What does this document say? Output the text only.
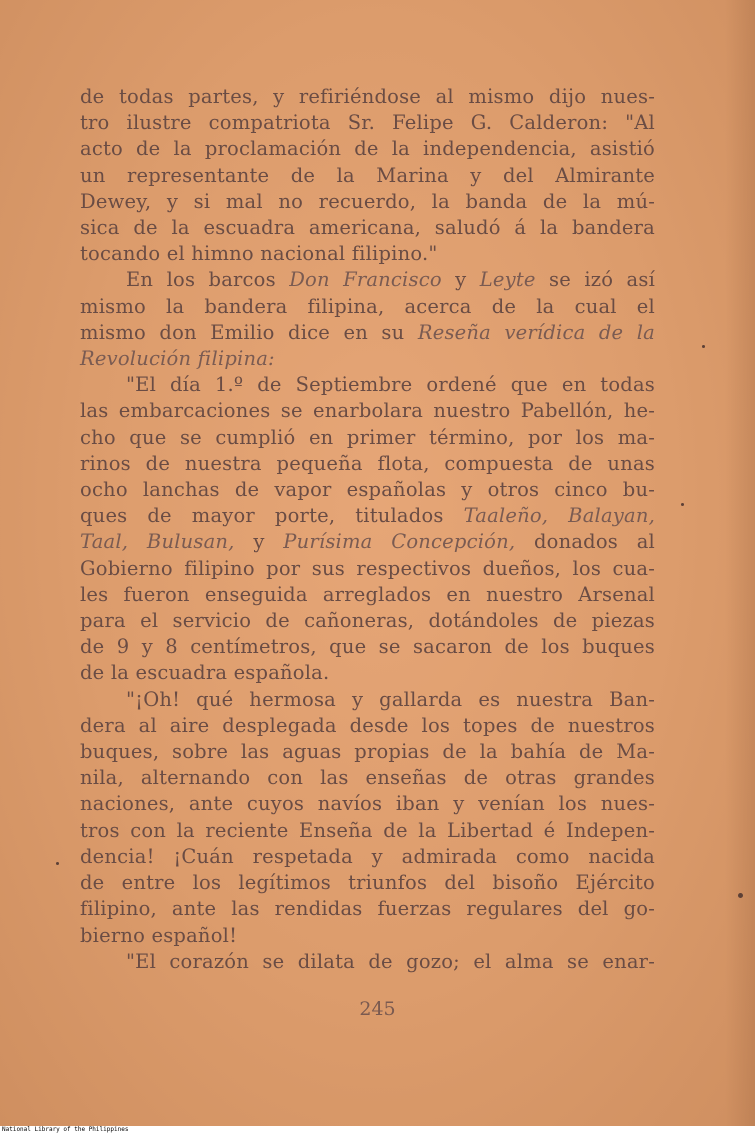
de todas partes, y refiriéndose al mismo dijo nues-
tro ilustre compatriota Sr. Felipe G. Calderon: "Al
acto de la proclamación de la independencia, asistió
un representante de la Marina y del Almirante
Dewey, y si mal no recuerdo, la banda de la mú-
sica de la escuadra americana, saludó á la bandera
tocando el himno nacional filipino."

En los barcos Don Francisco y Leyte se izó así
mismo la bandera filipina, acerca de la cual el
mismo don Emilio dice en su Reseña verídica de la
Revolución filipina:

"El día 1.º de Septiembre ordené que en todas
las embarcaciones se enarbolara nuestro Pabellón, he-
cho que se cumplió en primer término, por los ma-
rinos de nuestra pequeña flota, compuesta de unas
ocho lanchas de vapor españolas y otros cinco bu-
ques de mayor porte, titulados Taaleño, Balayan,
Taal, Bulusan, y Purísima Concepción, donados al
Gobierno filipino por sus respectivos dueños, los cua-
les fueron enseguida arreglados en nuestro Arsenal
para el servicio de cañoneras, dotándoles de piezas
de 9 y 8 centímetros, que se sacaron de los buques
de la escuadra española.

"¡Oh! qué hermosa y gallarda es nuestra Ban-
dera al aire desplegada desde los topes de nuestros
buques, sobre las aguas propias de la bahía de Ma-
nila, alternando con las enseñas de otras grandes
naciones, ante cuyos navíos iban y venían los nues-
tros con la reciente Enseña de la Libertad é Indepen-
dencia! ¡Cuán respetada y admirada como nacida
de entre los legítimos triunfos del bisoño Ejército
filipino, ante las rendidas fuerzas regulares del go-
bierno español!

"El corazón se dilata de gozo; el alma se enar-

245
National Library of the Philippines
